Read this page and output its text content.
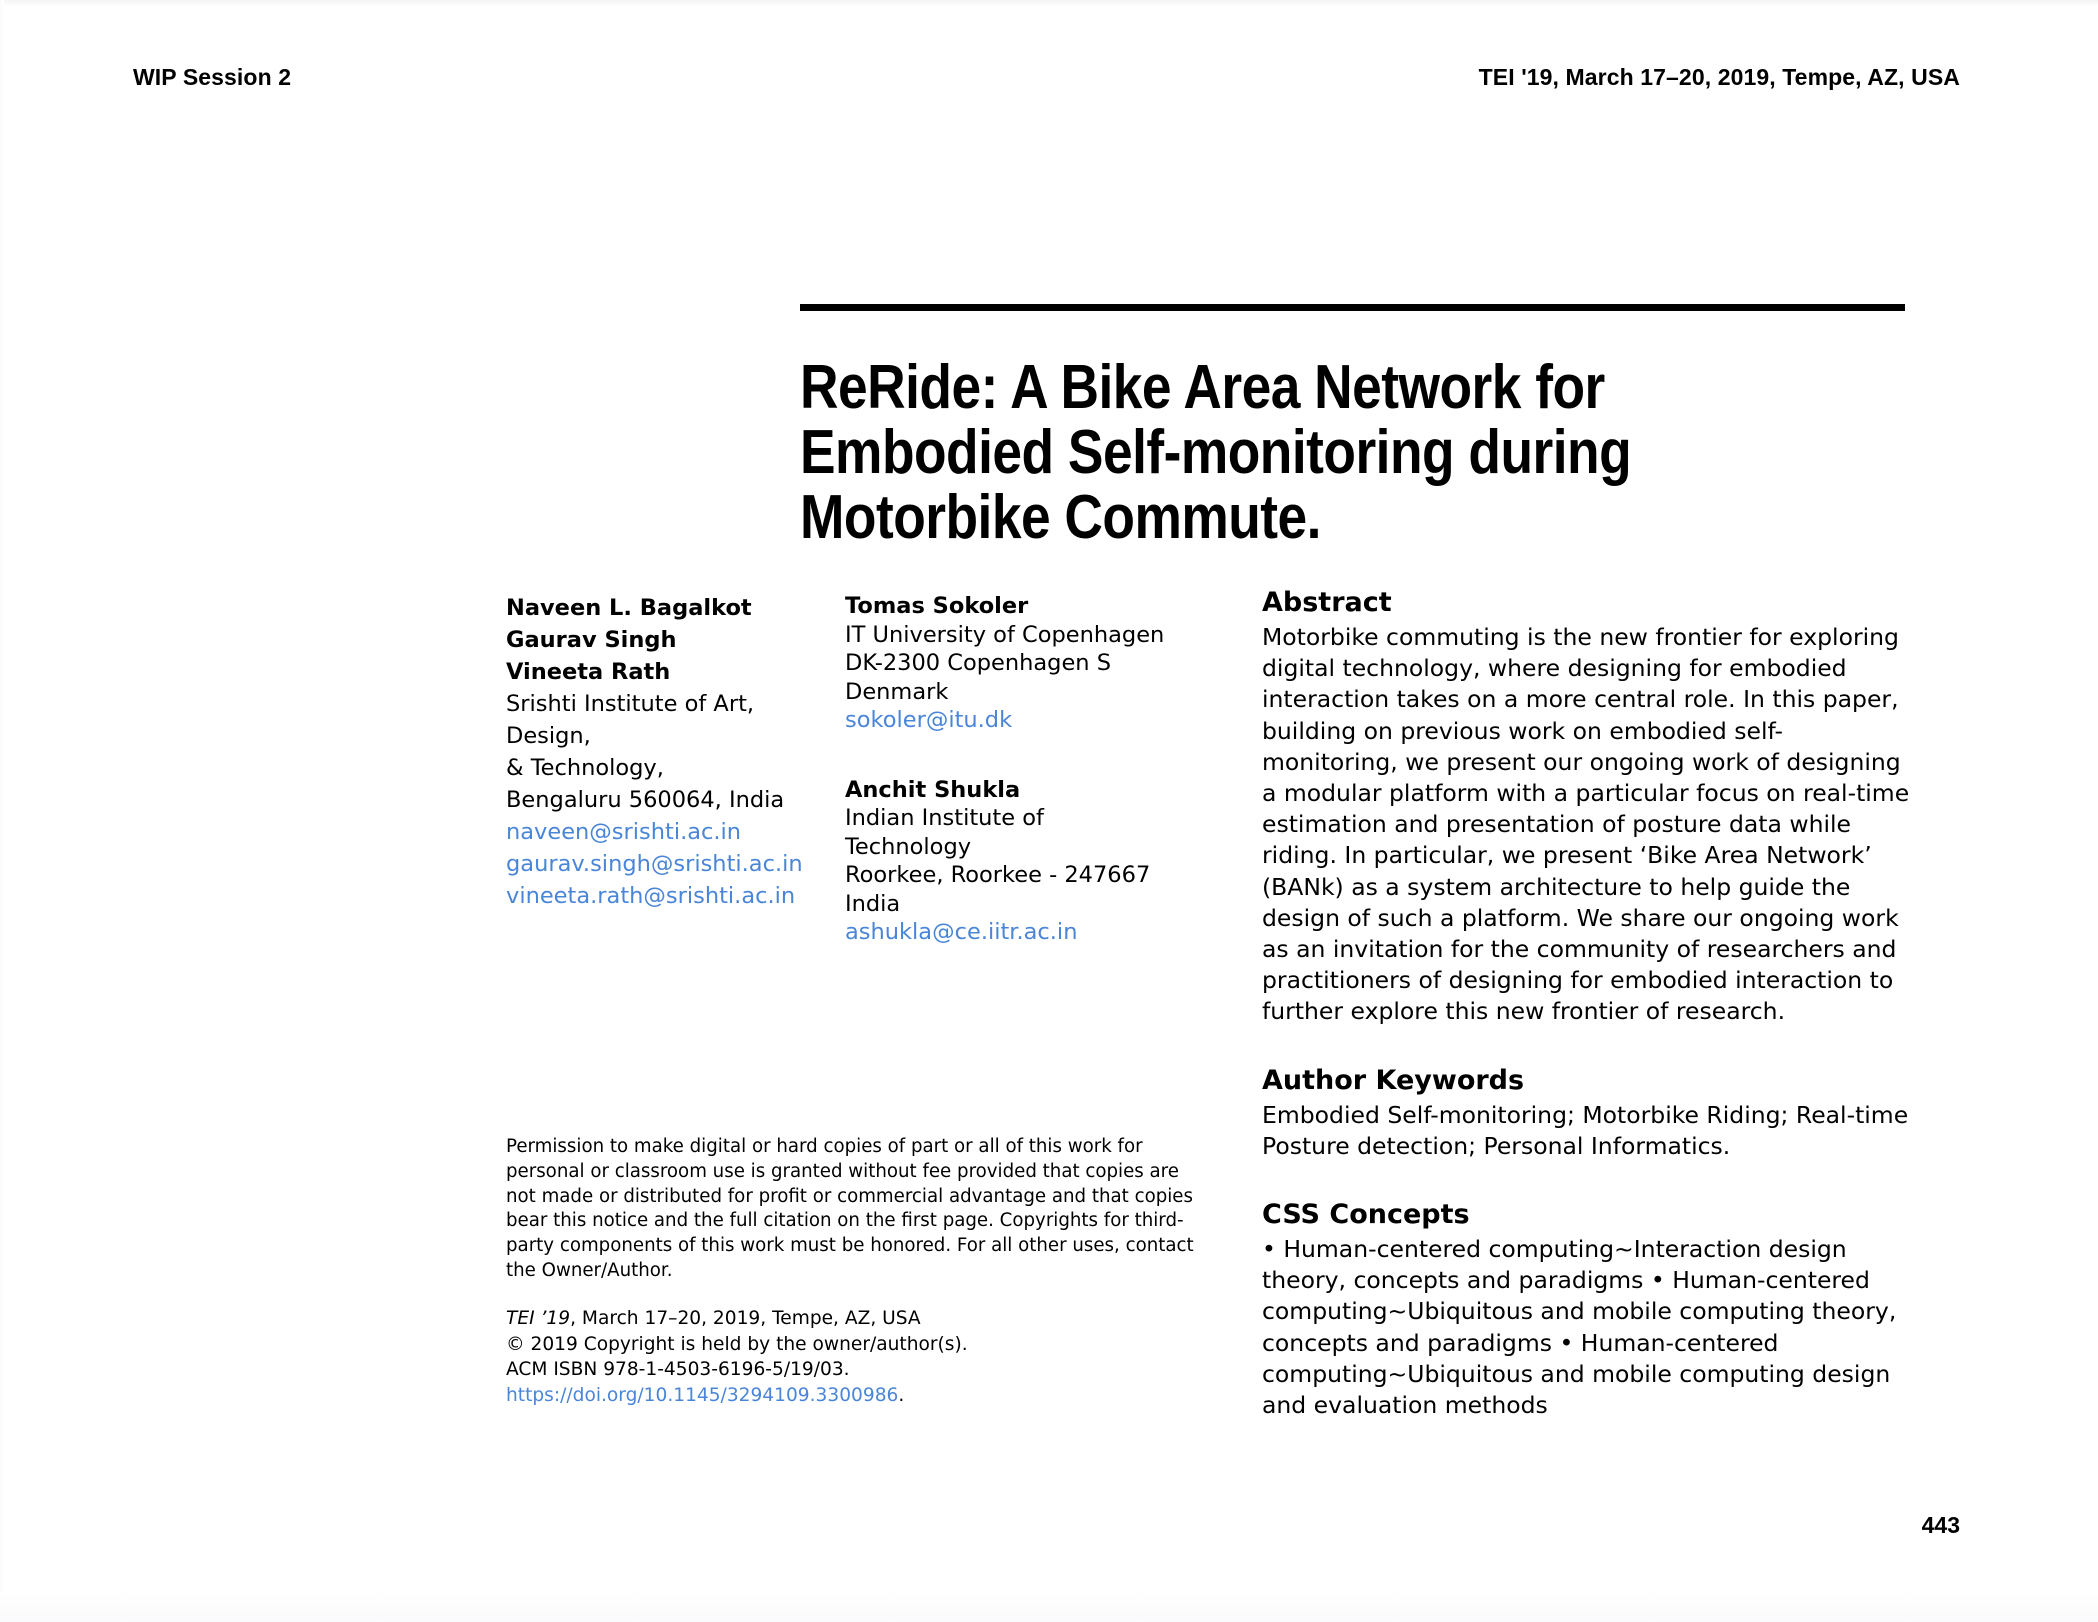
WIP Session 2	TEI '19, March 17–20, 2019, Tempe, AZ, USA
ReRide: A Bike Area Network for Embodied Self-monitoring during Motorbike Commute.
Naveen L. Bagalkot
Gaurav Singh
Vineeta Rath
Srishti Institute of Art, Design,
& Technology,
Bengaluru 560064, India
naveen@srishti.ac.in
gaurav.singh@srishti.ac.in
vineeta.rath@srishti.ac.in
Tomas Sokoler
IT University of Copenhagen
DK-2300 Copenhagen S
Denmark
sokoler@itu.dk
Anchit Shukla
Indian Institute of Technology
Roorkee, Roorkee - 247667
India
ashukla@ce.iitr.ac.in
Abstract

Motorbike commuting is the new frontier for exploring digital technology, where designing for embodied interaction takes on a more central role. In this paper, building on previous work on embodied self-monitoring, we present our ongoing work of designing a modular platform with a particular focus on real-time estimation and presentation of posture data while riding. In particular, we present ‘Bike Area Network’ (BANk) as a system architecture to help guide the design of such a platform. We share our ongoing work as an invitation for the community of researchers and practitioners of designing for embodied interaction to further explore this new frontier of research.

Author Keywords

Embodied Self-monitoring; Motorbike Riding; Real-time Posture detection; Personal Informatics.

CSS Concepts

• Human-centered computing~Interaction design theory, concepts and paradigms • Human-centered computing~Ubiquitous and mobile computing theory, concepts and paradigms • Human-centered computing~Ubiquitous and mobile computing design and evaluation methods

Permission to make digital or hard copies of part or all of this work for personal or classroom use is granted without fee provided that copies are not made or distributed for profit or commercial advantage and that copies bear this notice and the full citation on the first page. Copyrights for third-party components of this work must be honored. For all other uses, contact the Owner/Author.
TEI ’19, March 17–20, 2019, Tempe, AZ, USA
© 2019 Copyright is held by the owner/author(s).
ACM ISBN 978-1-4503-6196-5/19/03.
https://doi.org/10.1145/3294109.3300986.
443
